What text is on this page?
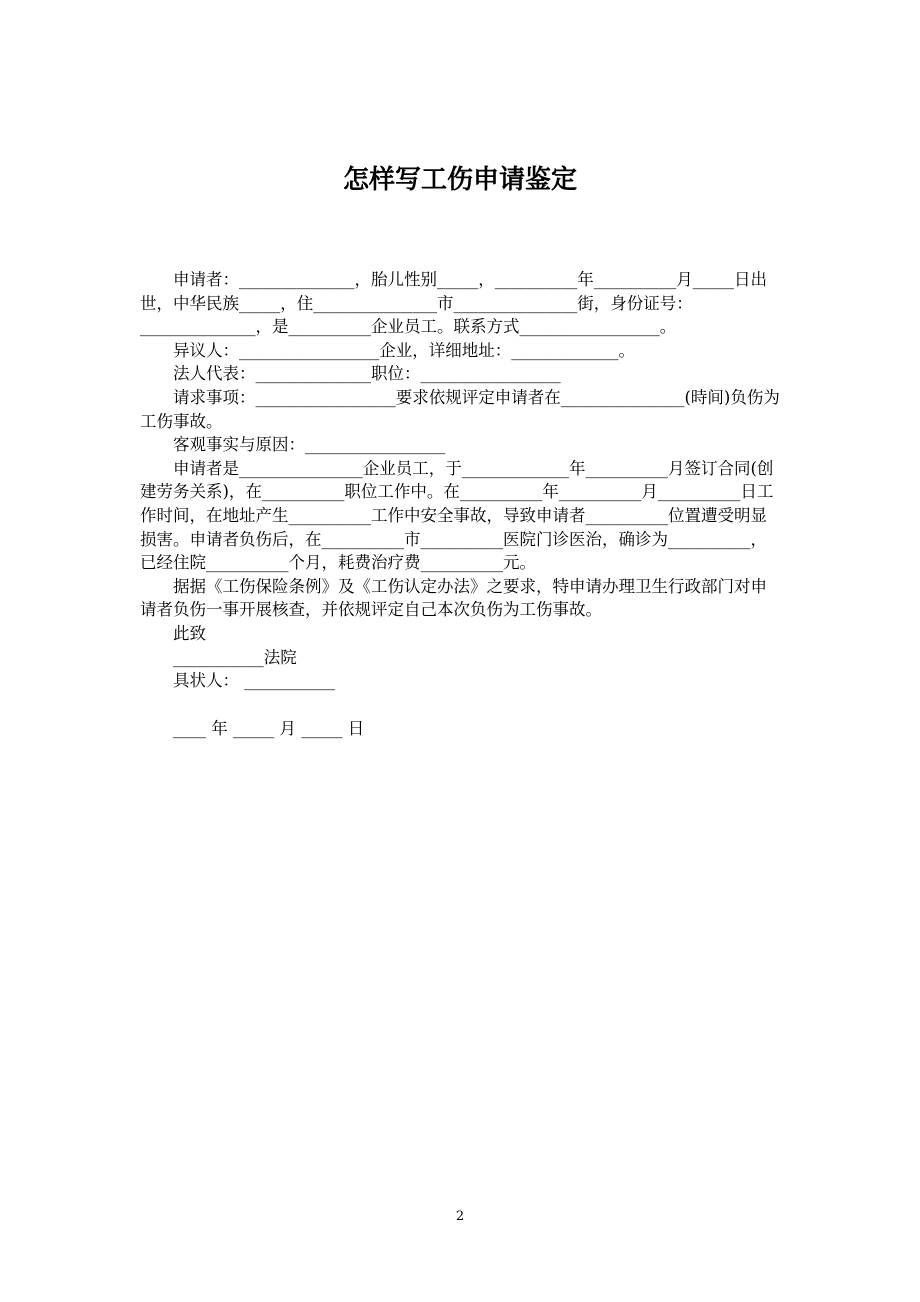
怎样写工伤申请鉴定

申请者：______________，胎儿性别_____，__________年__________月_____日出世，中华民族_____，住_______________市_______________街，身份证号：______________，是__________企业员工。联系方式_________________。

异议人：_________________企业，详细地址：_____________。

法人代表：______________职位：_________________

请求事项：_________________要求依规评定申请者在_______________(時间)负伤为工伤事故。

客观事实与原因：_________________

申请者是_______________企业员工，于_____________年__________月签订合同(创建劳务关系)，在__________职位工作中。在__________年__________月__________日工作时间，在地址产生__________工作中安全事故，导致申请者__________位置遭受明显损害。申请者负伤后，在__________市__________医院门诊医治，确诊为__________，已经住院__________个月，耗费治疗费__________元。

据据《工伤保险条例》及《工伤认定办法》之要求，特申请办理卫生行政部门对申请者负伤一事开展核查，并依规评定自己本次负伤为工伤事故。

此致

___________法院

具状人： ___________

____ 年 _____ 月 _____ 日

2
